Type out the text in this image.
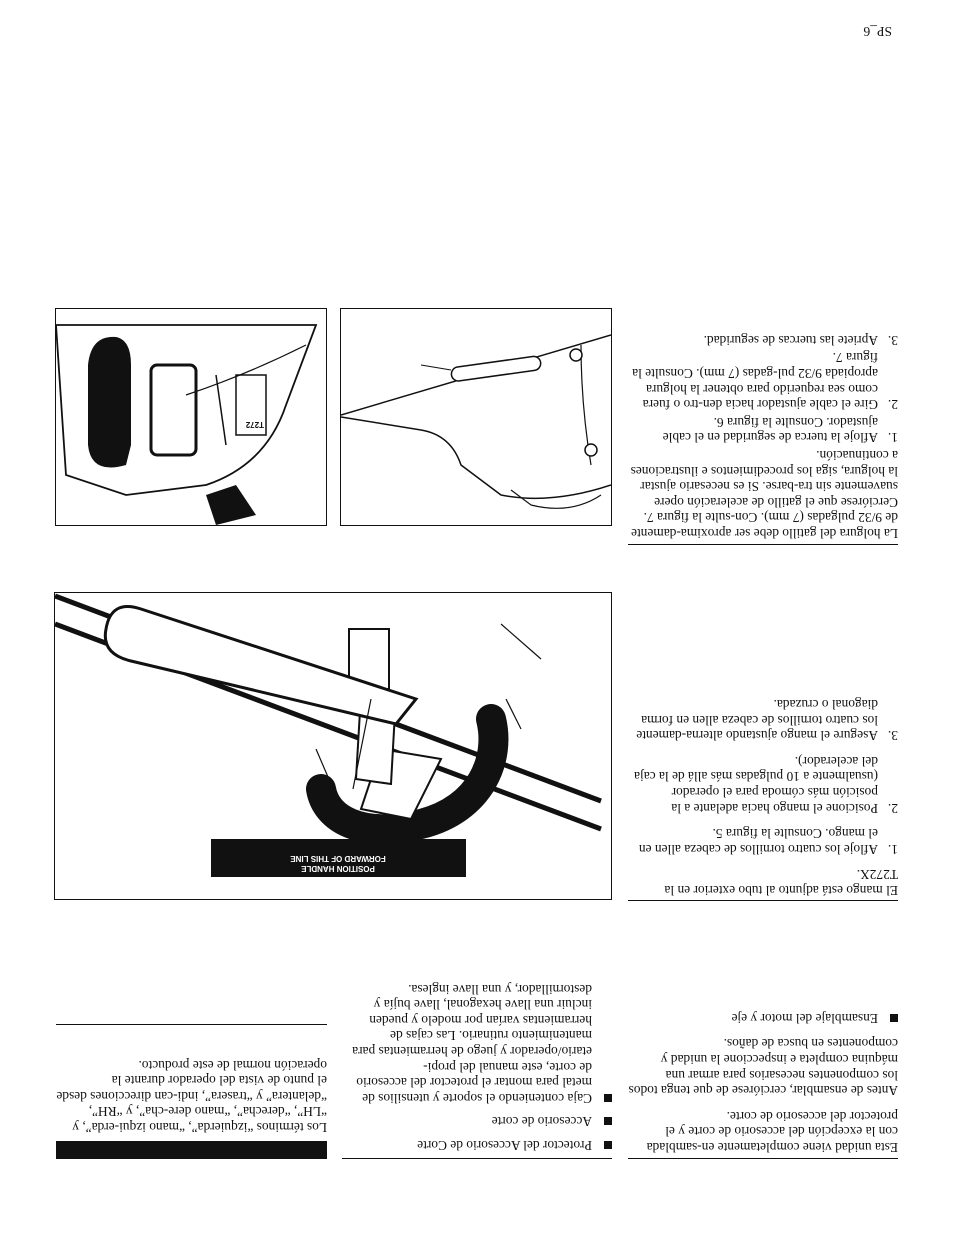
SP_6

Esta unidad viene completamente en-samblada con la excepción del accesorio de corte y el protector del accesorio de corte.

Antes de ensamblar, cerciórese de que tenga todos los componentes necesarios para armar una máquina completa e inspeccione la unidad y componentes en busca de daños.

Ensamblaje del motor y eje

El mango está adjunto al tubo exterior en la T272X.

1.
Afloje los cuatro tornillos de cabeza allen en el mango. Consulte la figura 5.
2.
Posicione el mango hacia adelante a la posición más cómoda para el operador (usualmente a 10 pulgadas más allá de la caja del acelerador).
3.
Asegure el mango ajustando alterna-damente los cuatro tornillos de cabeza allen en forma diagonal o cruzada.

La holgura del gatillo debe ser aproxima-damente de 9/32 pulgadas (7 mm). Con-sulte la figura 7. Cerciórese que el gatillo de aceleración opere suavemente sin tra-barse. Si es necesario ajustar la holgura, siga los procedimientos e ilustraciones a continuación.

1.
Afloje la tuerca de seguridad en el cable ajustador. Consulte la figura 6.
2.
Gire el cable ajustador hacia den-tro o fuera como sea requerido para obtener la holgura apropiada 9/32 pul-gadas (7 mm). Consulte la figura 7.
3.
Apriete las tuercas de seguridad.
Protector del Accesorio de Corte
Accesorio de corte
Caja conteniendo el soporte y utensilios de metal para montar el protector del accesorio de corte, este manual del propi-etario/operador y juego de herramientas para mantenimiento rutinario. Las cajas de herramientas varían por modelo y pueden incluir una llave hexagonal, llave bujía y destornillador, y una llave inglesa.

Los términos “izquierda”, “mano izqui-erda”, y “LH”, “derecha”, “mano dere-cha”, y “RH”, “delantera” y “trasera”, indi-can direcciones desde el punto de vista del operador durante la operación normal de este producto.

POSITION HANDLE
FORWARD OF THIS LINE
T272
